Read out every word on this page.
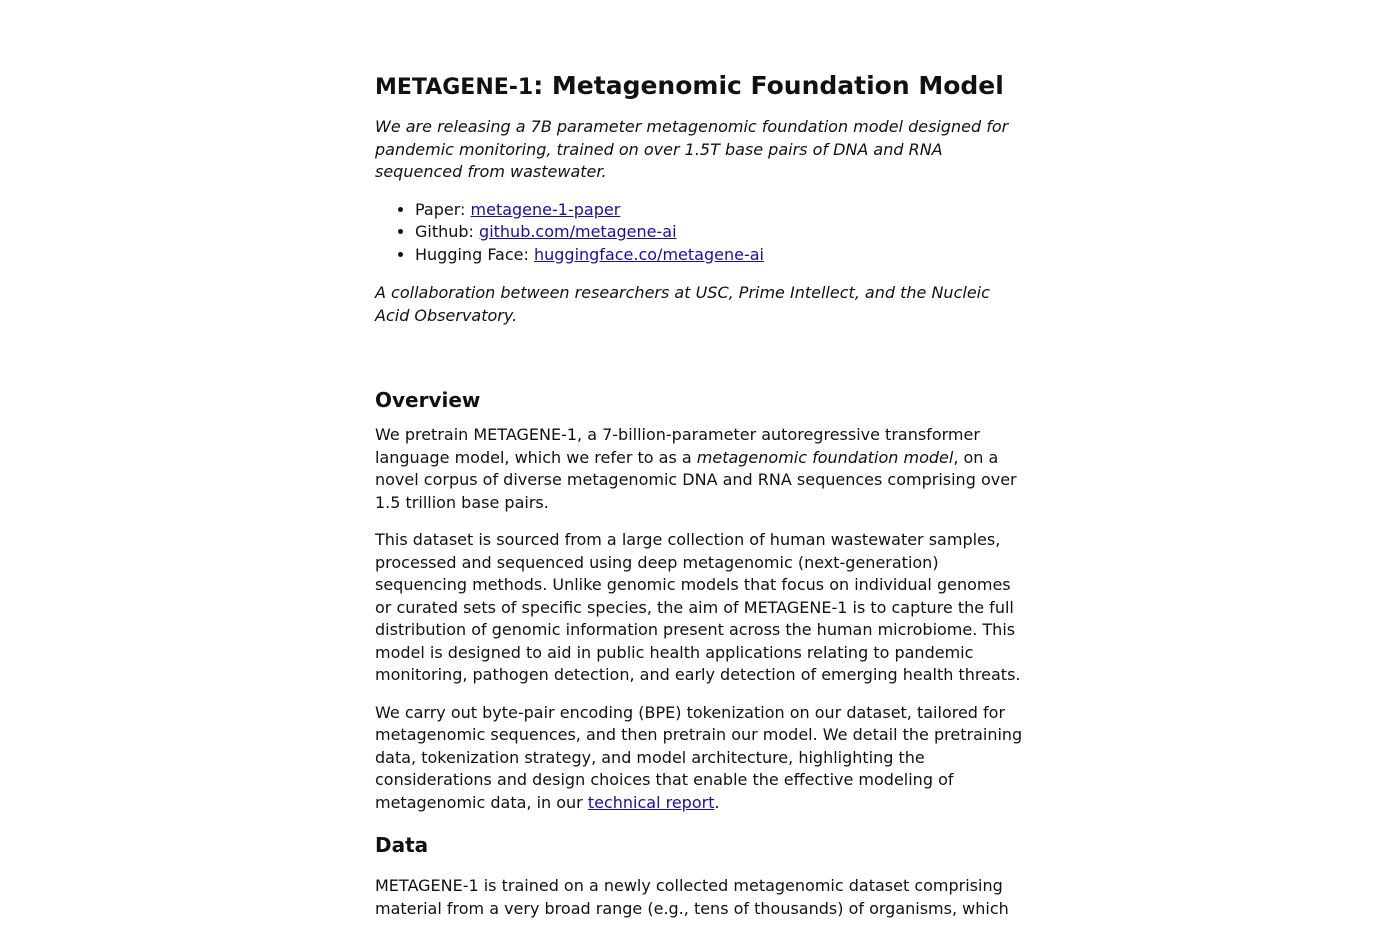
METAGENE-1: Metagenomic Foundation Model

We are releasing a 7B parameter metagenomic foundation model designed for pandemic monitoring, trained on over 1.5T base pairs of DNA and RNA sequenced from wastewater.

• Paper: metagene-1-paper
• Github: github.com/metagene-ai
• Hugging Face: huggingface.co/metagene-ai

A collaboration between researchers at USC, Prime Intellect, and the Nucleic Acid Observatory.

Overview

We pretrain METAGENE-1, a 7-billion-parameter autoregressive transformer language model, which we refer to as a metagenomic foundation model, on a novel corpus of diverse metagenomic DNA and RNA sequences comprising over 1.5 trillion base pairs.

This dataset is sourced from a large collection of human wastewater samples, processed and sequenced using deep metagenomic (next-generation) sequencing methods. Unlike genomic models that focus on individual genomes or curated sets of specific species, the aim of METAGENE-1 is to capture the full distribution of genomic information present across the human microbiome. This model is designed to aid in public health applications relating to pandemic monitoring, pathogen detection, and early detection of emerging health threats.

We carry out byte-pair encoding (BPE) tokenization on our dataset, tailored for metagenomic sequences, and then pretrain our model. We detail the pretraining data, tokenization strategy, and model architecture, highlighting the considerations and design choices that enable the effective modeling of metagenomic data, in our technical report.

Data

METAGENE-1 is trained on a newly collected metagenomic dataset comprising material from a very broad range (e.g., tens of thousands) of organisms, which
